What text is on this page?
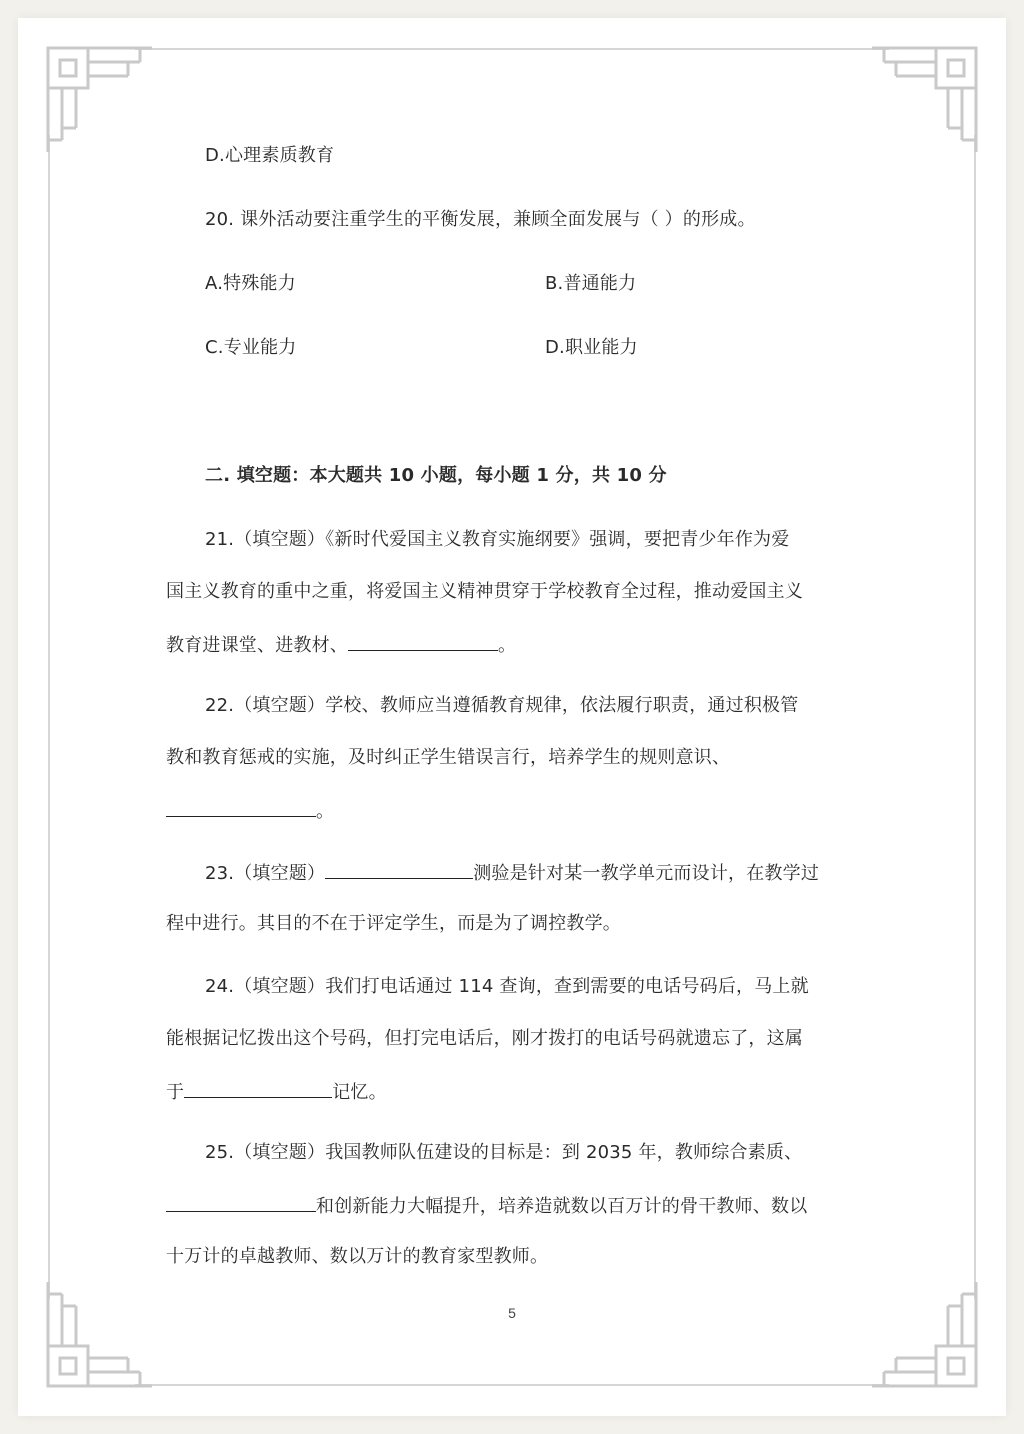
D.心理素质教育
20. 课外活动要注重学生的平衡发展，兼顾全面发展与（ ）的形成。
A.特殊能力	B.普通能力
C.专业能力	D.职业能力
二. 填空题：本大题共 10 小题，每小题 1 分，共 10 分
21.（填空题）《新时代爱国主义教育实施纲要》强调，要把青少年作为爱
国主义教育的重中之重，将爱国主义精神贯穿于学校教育全过程，推动爱国主义
教育进课堂、进教材、	。
22.（填空题）学校、教师应当遵循教育规律，依法履行职责，通过积极管
教和教育惩戒的实施，及时纠正学生错误言行，培养学生的规则意识、
。
23.（填空题）	测验是针对某一教学单元而设计，在教学过
程中进行。其目的不在于评定学生，而是为了调控教学。
24.（填空题）我们打电话通过 114 查询，查到需要的电话号码后，马上就
能根据记忆拨出这个号码，但打完电话后，刚才拨打的电话号码就遗忘了，这属
于	记忆。
25.（填空题）我国教师队伍建设的目标是：到 2035 年，教师综合素质、
和创新能力大幅提升，培养造就数以百万计的骨干教师、数以
十万计的卓越教师、数以万计的教育家型教师。
5
